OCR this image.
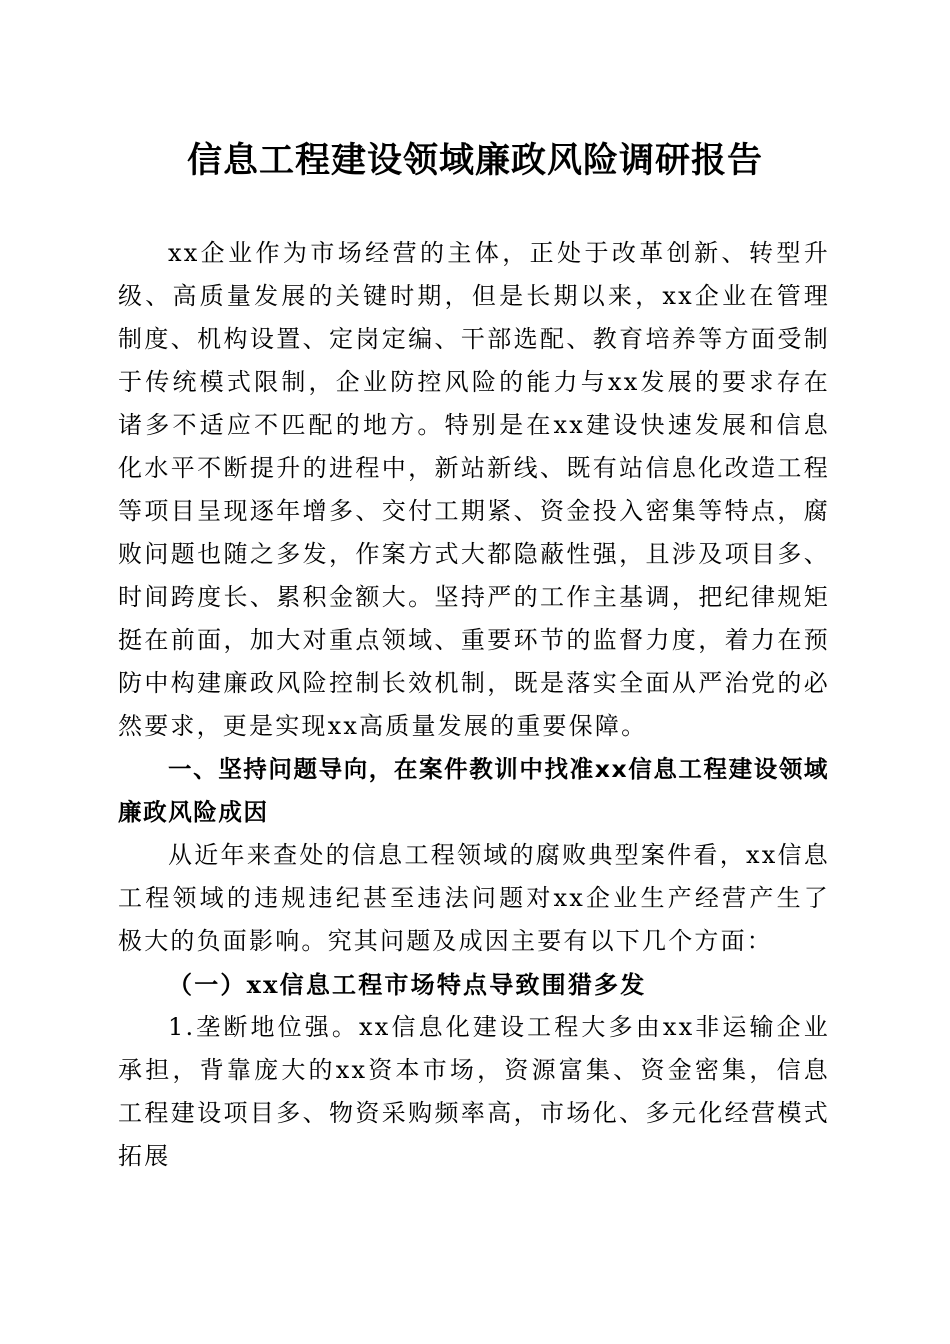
信息工程建设领域廉政风险调研报告

xx企业作为市场经营的主体，正处于改革创新、转型升级、高质量发展的关键时期，但是长期以来，xx企业在管理制度、机构设置、定岗定编、干部选配、教育培养等方面受制于传统模式限制，企业防控风险的能力与xx发展的要求存在诸多不适应不匹配的地方。特别是在xx建设快速发展和信息化水平不断提升的进程中，新站新线、既有站信息化改造工程等项目呈现逐年增多、交付工期紧、资金投入密集等特点，腐败问题也随之多发，作案方式大都隐蔽性强，且涉及项目多、时间跨度长、累积金额大。坚持严的工作主基调，把纪律规矩挺在前面，加大对重点领域、重要环节的监督力度，着力在预防中构建廉政风险控制长效机制，既是落实全面从严治党的必然要求，更是实现xx高质量发展的重要保障。

一、坚持问题导向，在案件教训中找准xx信息工程建设领域廉政风险成因

从近年来查处的信息工程领域的腐败典型案件看，xx信息工程领域的违规违纪甚至违法问题对xx企业生产经营产生了极大的负面影响。究其问题及成因主要有以下几个方面：

（一）xx信息工程市场特点导致围猎多发

1.垄断地位强。xx信息化建设工程大多由xx非运输企业承担，背靠庞大的xx资本市场，资源富集、资金密集，信息工程建设项目多、物资采购频率高，市场化、多元化经营模式拓展
